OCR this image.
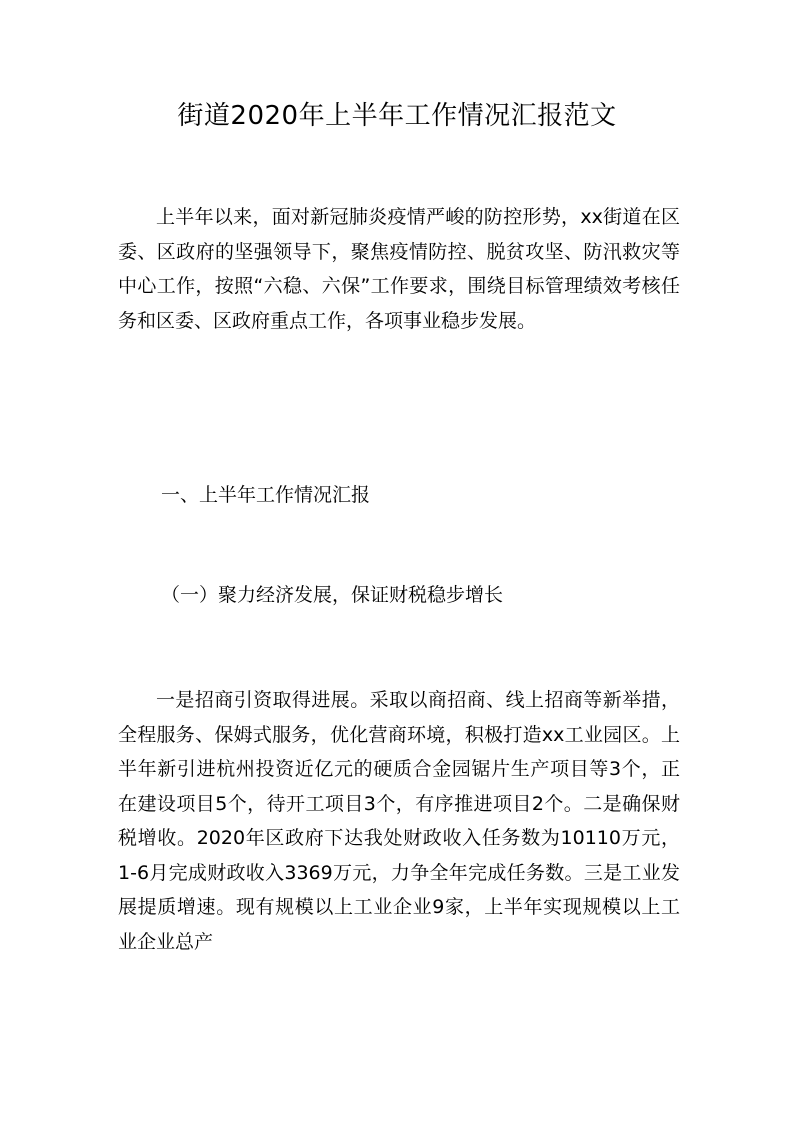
街道2020年上半年工作情况汇报范文

上半年以来，面对新冠肺炎疫情严峻的防控形势，xx街道在区委、区政府的坚强领导下，聚焦疫情防控、脱贫攻坚、防汛救灾等中心工作，按照“六稳、六保”工作要求，围绕目标管理绩效考核任务和区委、区政府重点工作，各项事业稳步发展。

一、上半年工作情况汇报

（一）聚力经济发展，保证财税稳步增长

一是招商引资取得进展。采取以商招商、线上招商等新举措，全程服务、保姆式服务，优化营商环境，积极打造xx工业园区。上半年新引进杭州投资近亿元的硬质合金园锯片生产项目等3个，正在建设项目5个，待开工项目3个，有序推进项目2个。二是确保财税增收。2020年区政府下达我处财政收入任务数为10110万元，1-6月完成财政收入3369万元，力争全年完成任务数。三是工业发展提质增速。现有规模以上工业企业9家，上半年实现规模以上工业企业总产
